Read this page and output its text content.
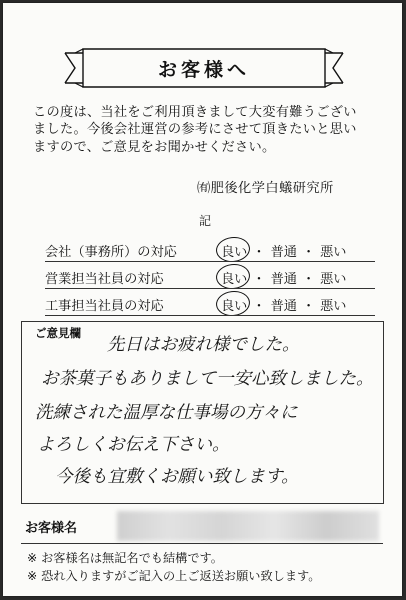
お客様へ
この度は、当社をご利用頂きまして大変有難うございました。今後会社運営の参考にさせて頂きたいと思いますので、ご意見をお聞かせください。
㈲肥後化学白蟻研究所
記
会社（事務所）の対応	良い ・ 普通 ・ 悪い
営業担当社員の対応	良い ・ 普通 ・ 悪い
工事担当社員の対応	良い ・ 普通 ・ 悪い
ご意見欄
先日はお疲れ様でした。
お茶菓子もありまして一安心致しました。
洗練された温厚な仕事場の方々に
よろしくお伝え下さい。
今後も宜敷くお願い致します。
お客様名
※ お客様名は無記名でも結構です。
※ 恐れ入りますがご記入の上ご返送お願い致します。
